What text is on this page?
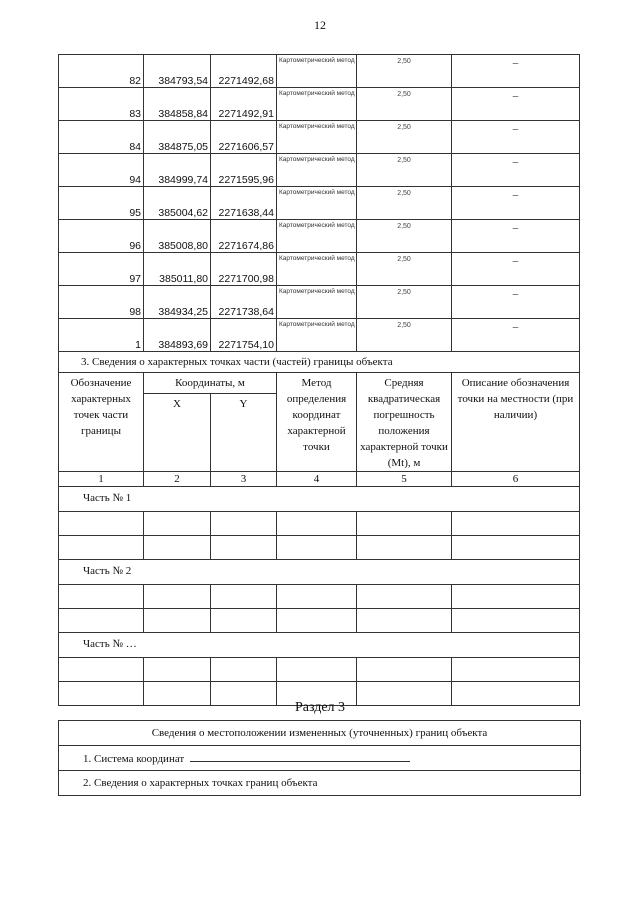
12
82	384793,54	2271492,68	Картометрический метод	2,50	–
83	384858,84	2271492,91	Картометрический метод	2,50	–
84	384875,05	2271606,57	Картометрический метод	2,50	–
94	384999,74	2271595,96	Картометрический метод	2,50	–
95	385004,62	2271638,44	Картометрический метод	2,50	–
96	385008,80	2271674,86	Картометрический метод	2,50	–
97	385011,80	2271700,98	Картометрический метод	2,50	–
98	384934,25	2271738,64	Картометрический метод	2,50	–
1	384893,69	2271754,10	Картометрический метод	2,50	–
3. Сведения о характерных точках части (частей) границы объекта					
Обозначение характерных точек части границы	Координаты, м		Метод определения координат характерной точки	Средняя квадратическая погрешность положения характерной точки (Мt), м	Описание обозначения точки на местности (при наличии)
	X	Y			
1	2	3	4	5	6
Часть № 1					

Часть № 2					

Часть № …					

Раздел 3
Сведения о местоположении измененных (уточненных) границ объекта
1. Система координат
2. Сведения о характерных точках границ объекта
